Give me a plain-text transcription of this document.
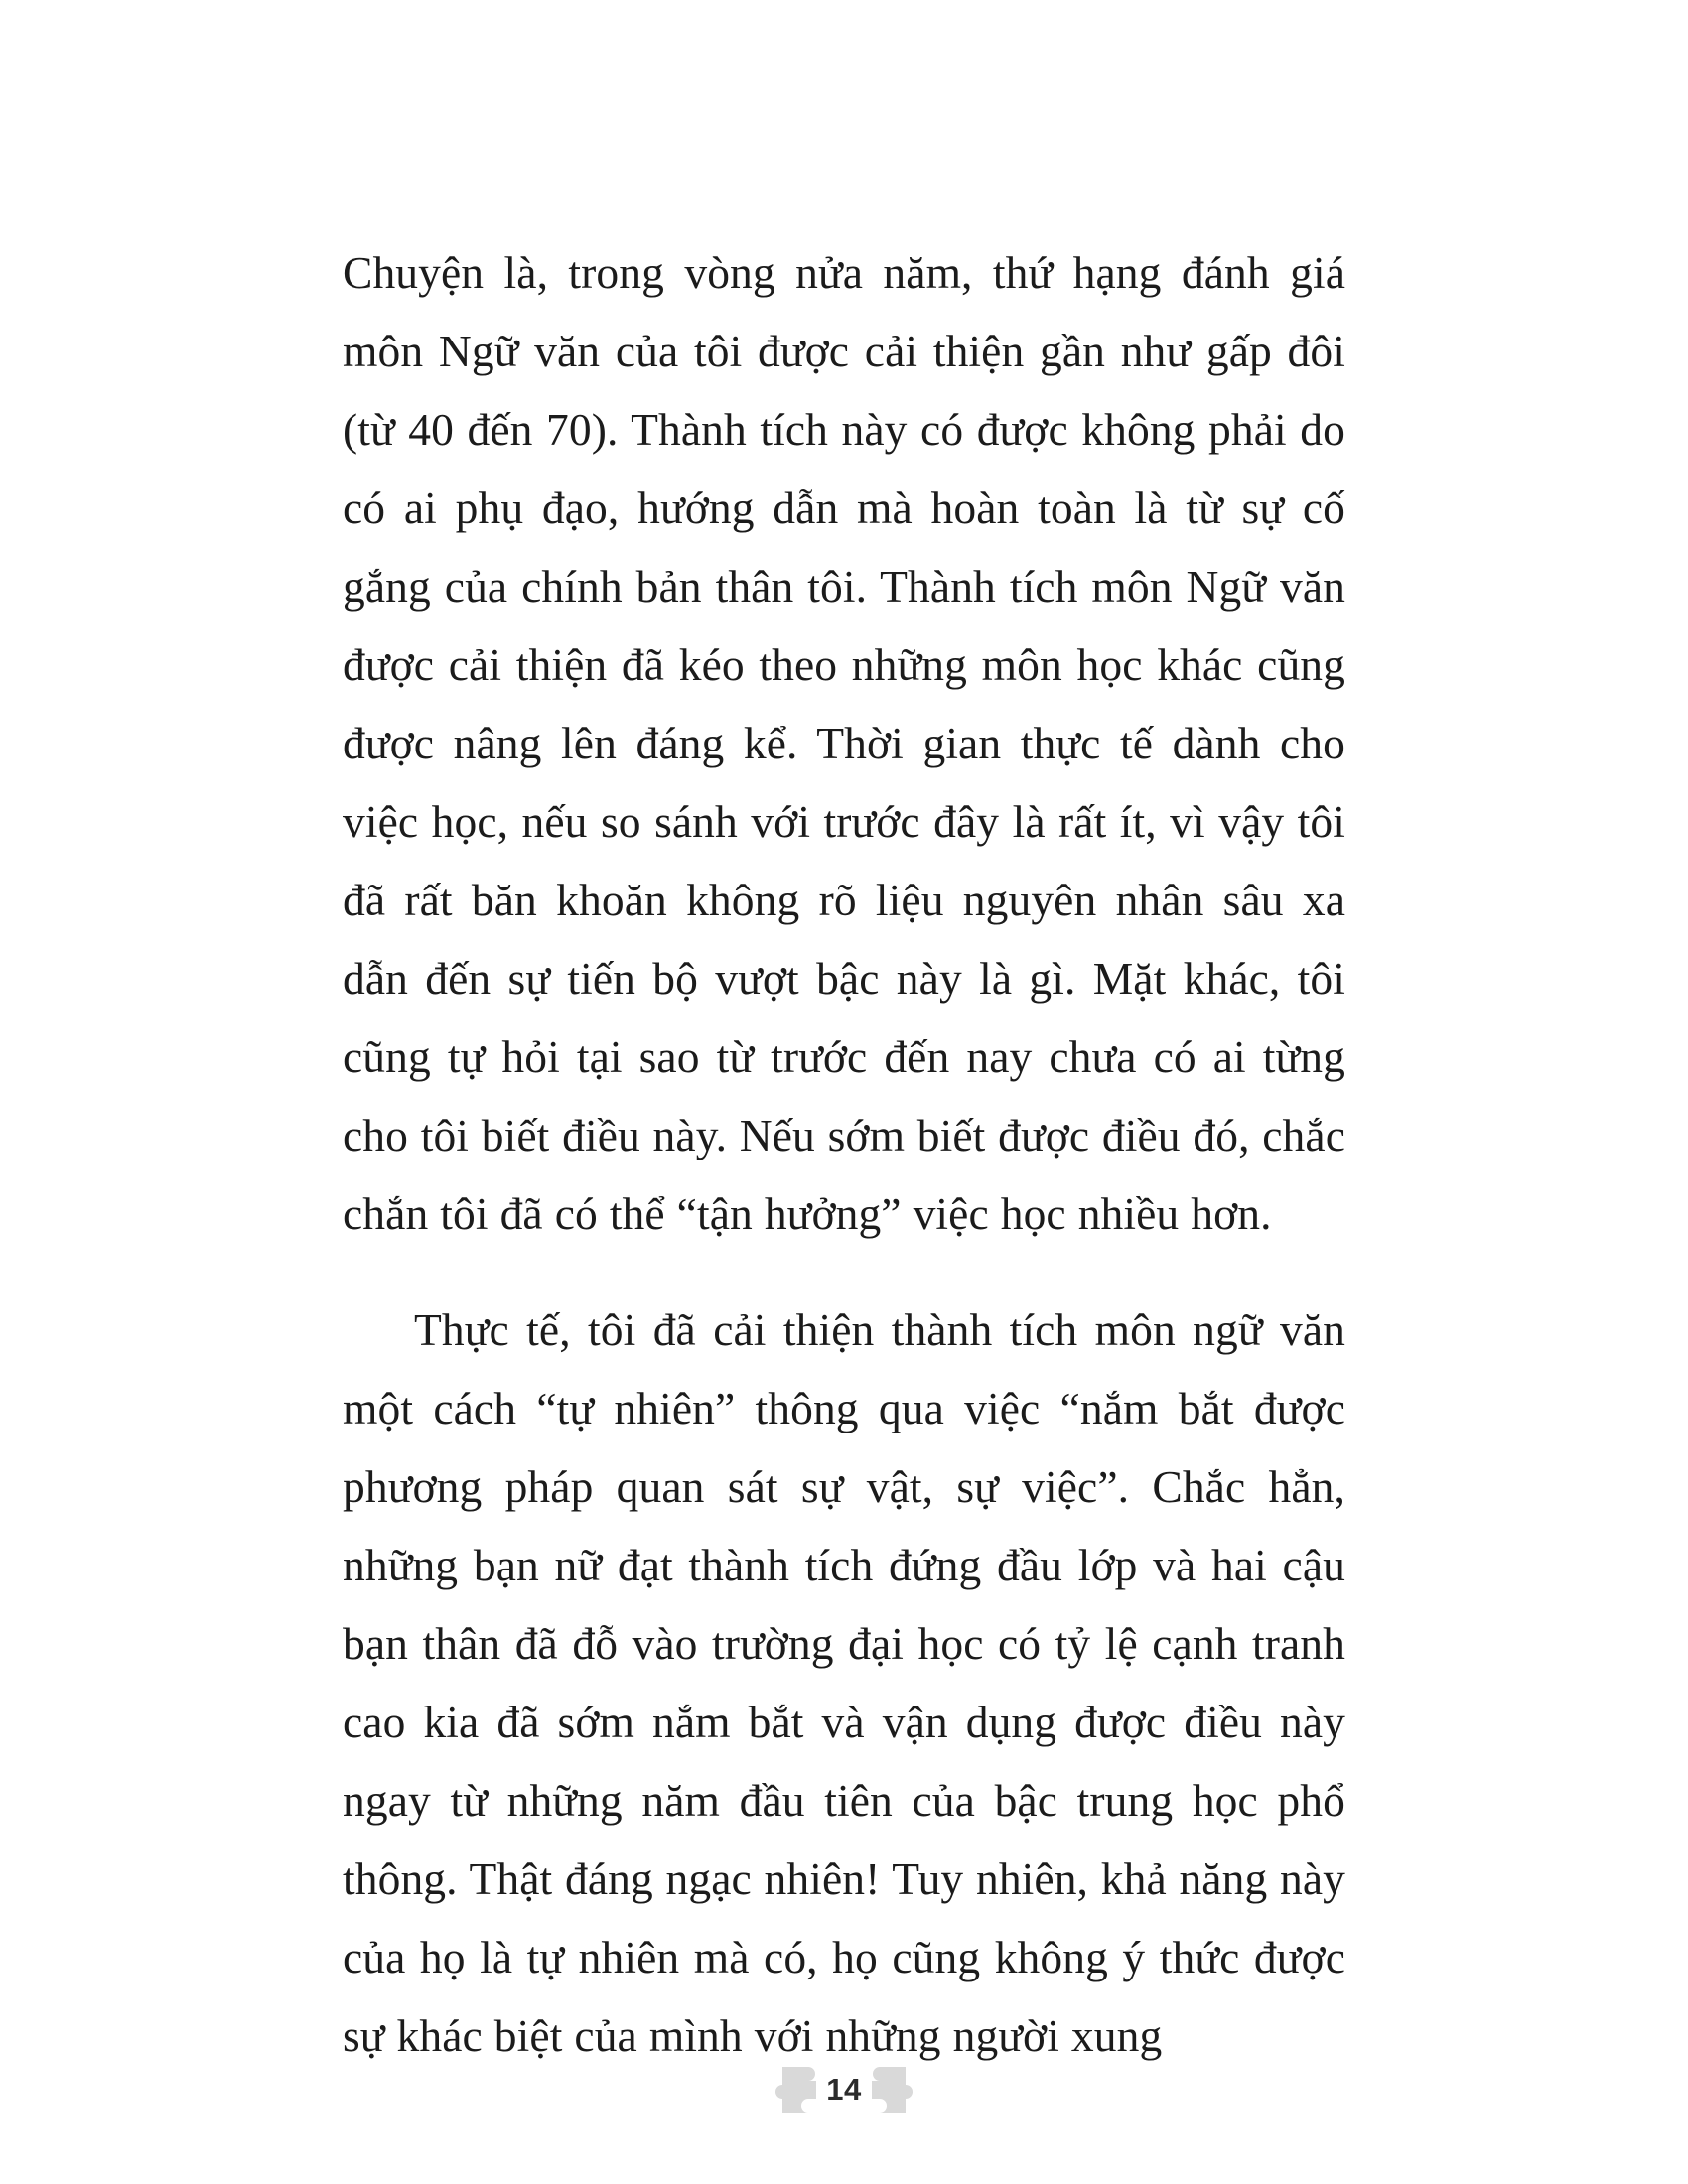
Chuyện là, trong vòng nửa năm, thứ hạng đánh giá môn Ngữ văn của tôi được cải thiện gần như gấp đôi (từ 40 đến 70). Thành tích này có được không phải do có ai phụ đạo, hướng dẫn mà hoàn toàn là từ sự cố gắng của chính bản thân tôi. Thành tích môn Ngữ văn được cải thiện đã kéo theo những môn học khác cũng được nâng lên đáng kể. Thời gian thực tế dành cho việc học, nếu so sánh với trước đây là rất ít, vì vậy tôi đã rất băn khoăn không rõ liệu nguyên nhân sâu xa dẫn đến sự tiến bộ vượt bậc này là gì. Mặt khác, tôi cũng tự hỏi tại sao từ trước đến nay chưa có ai từng cho tôi biết điều này. Nếu sớm biết được điều đó, chắc chắn tôi đã có thể “tận hưởng” việc học nhiều hơn.

Thực tế, tôi đã cải thiện thành tích môn ngữ văn một cách “tự nhiên” thông qua việc “nắm bắt được phương pháp quan sát sự vật, sự việc”. Chắc hẳn, những bạn nữ đạt thành tích đứng đầu lớp và hai cậu bạn thân đã đỗ vào trường đại học có tỷ lệ cạnh tranh cao kia đã sớm nắm bắt và vận dụng được điều này ngay từ những năm đầu tiên của bậc trung học phổ thông. Thật đáng ngạc nhiên! Tuy nhiên, khả năng này của họ là tự nhiên mà có, họ cũng không ý thức được sự khác biệt của mình với những người xung

14
